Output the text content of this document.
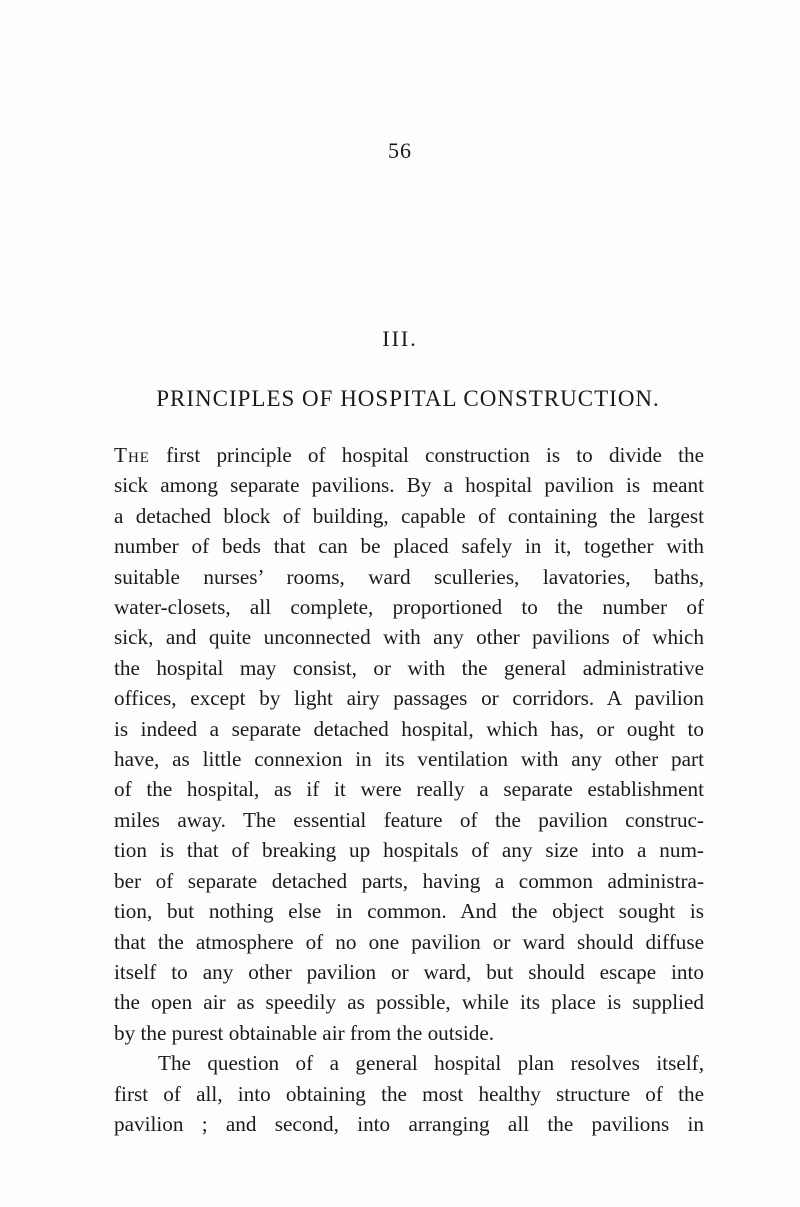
56
III.
PRINCIPLES OF HOSPITAL CONSTRUCTION.
The first principle of hospital construction is to divide the
sick among separate pavilions. By a hospital pavilion is meant
a detached block of building, capable of containing the largest
number of beds that can be placed safely in it, together with
suitable nurses’ rooms, ward sculleries, lavatories, baths,
water-closets, all complete, proportioned to the number of
sick, and quite unconnected with any other pavilions of which
the hospital may consist, or with the general administrative
offices, except by light airy passages or corridors. A pavilion
is indeed a separate detached hospital, which has, or ought to
have, as little connexion in its ventilation with any other part
of the hospital, as if it were really a separate establishment
miles away. The essential feature of the pavilion construc-
tion is that of breaking up hospitals of any size into a num-
ber of separate detached parts, having a common administra-
tion, but nothing else in common. And the object sought is
that the atmosphere of no one pavilion or ward should diffuse
itself to any other pavilion or ward, but should escape into
the open air as speedily as possible, while its place is supplied
by the purest obtainable air from the outside.
The question of a general hospital plan resolves itself,
first of all, into obtaining the most healthy structure of the
pavilion ; and second, into arranging all the pavilions in
